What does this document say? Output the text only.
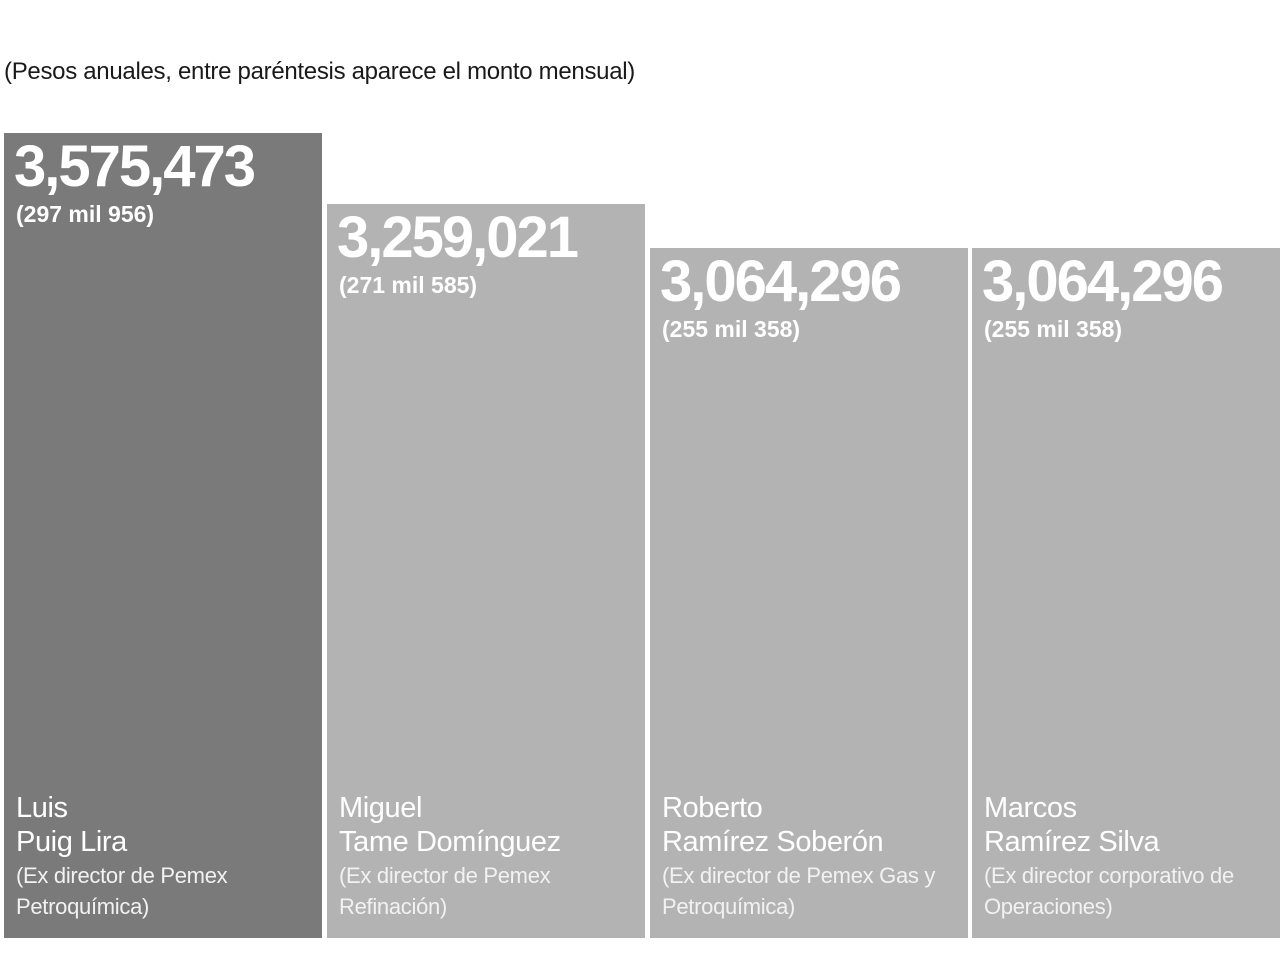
(Pesos anuales, entre paréntesis aparece el monto mensual)
3,575,473
(297 mil 956)
Luis
Puig Lira
(Ex director de Pemex Petroquímica)
3,259,021
(271 mil 585)
Miguel
Tame Domínguez
(Ex director de Pemex Refinación)
3,064,296
(255 mil 358)
Roberto
Ramírez Soberón
(Ex director de Pemex Gas y Petroquímica)
3,064,296
(255 mil 358)
Marcos
Ramírez Silva
(Ex director corporativo de Operaciones)
